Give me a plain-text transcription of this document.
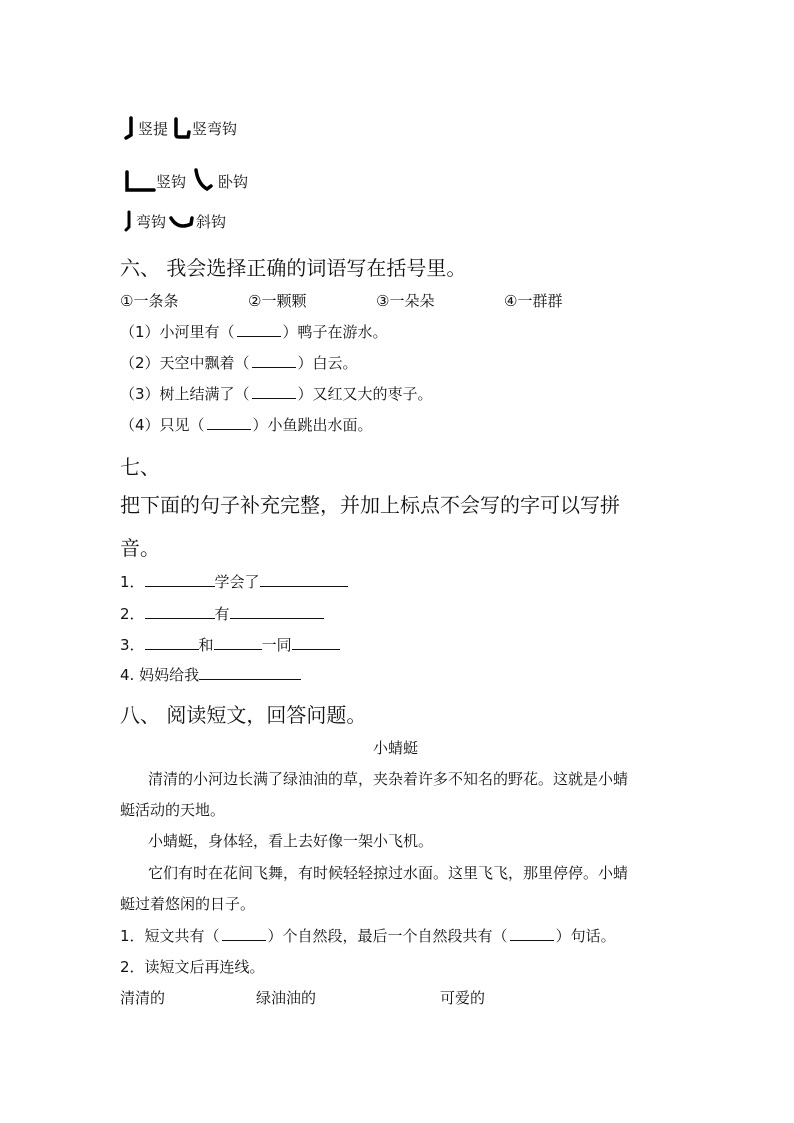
竖提 竖弯钩
竖钩 卧钩
弯钩 斜钩
六、 我会选择正确的词语写在括号里。
①一条条	②一颗颗	③一朵朵	④一群群
（1）小河里有（	）鸭子在游水。
（2）天空中飘着（	）白云。
（3）树上结满了（	）又红又大的枣子。
（4）只见（	）小鱼跳出水面。
七、
把下面的句子补充完整，并加上标点不会写的字可以写拼
音。
1．	学会了
2．	有
3．	和	一同
4. 妈妈给我
八、 阅读短文，回答问题。
小蜻蜓
清清的小河边长满了绿油油的草，夹杂着许多不知名的野花。这就是小蜻
蜓活动的天地。
小蜻蜓，身体轻，看上去好像一架小飞机。
它们有时在花间飞舞，有时候轻轻掠过水面。这里飞飞，那里停停。小蜻
蜓过着悠闲的日子。
1．短文共有（	）个自然段，最后一个自然段共有（	）句话。
2．读短文后再连线。
清清的	绿油油的	可爱的
